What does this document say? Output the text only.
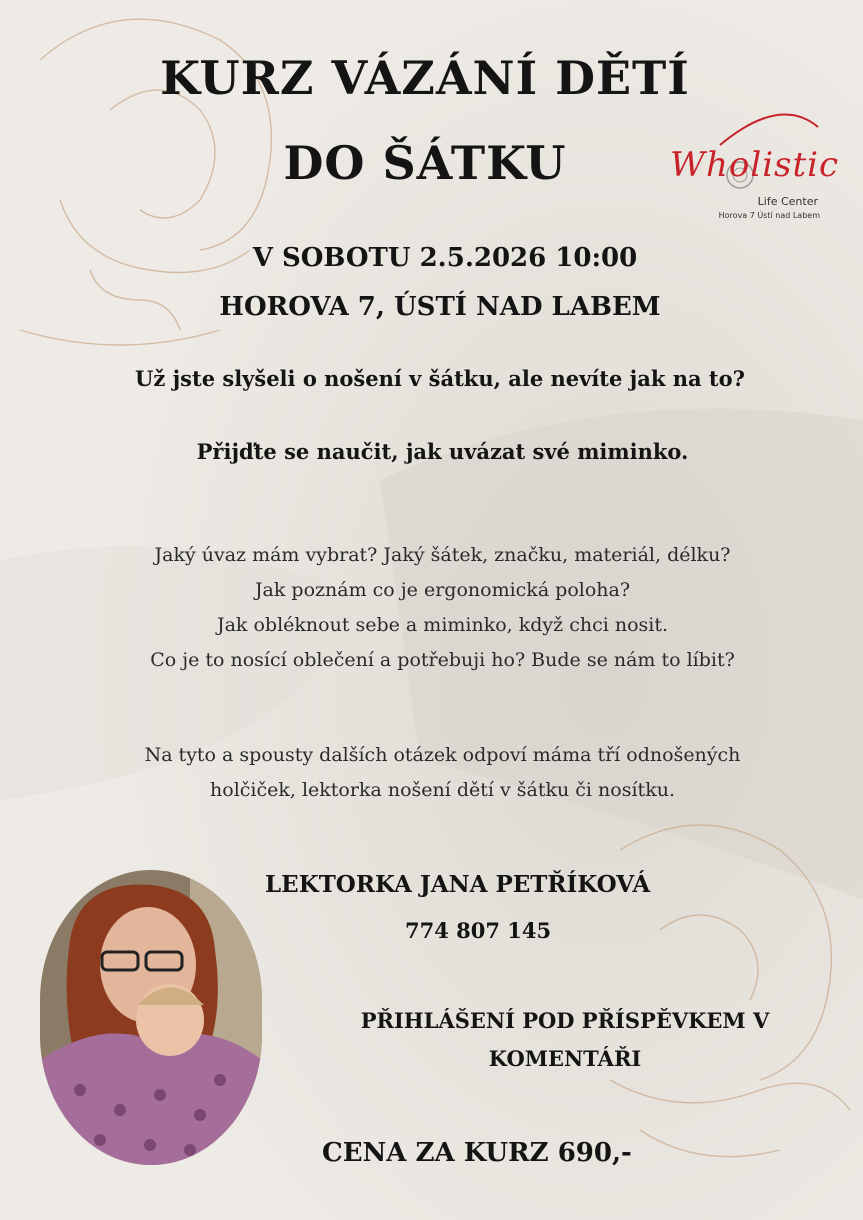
KURZ VÁZÁNÍ DĚTÍ
DO ŠÁTKU	Wholistic
Life Center
Horova 7 Ústí nad Labem
V SOBOTU 2.5.2026 10:00
HOROVA 7, ÚSTÍ NAD LABEM
Už jste slyšeli o nošení v šátku, ale nevíte jak na to?
Přijďte se naučit, jak uvázat své miminko.
Jaký úvaz mám vybrat? Jaký šátek, značku, materiál, délku?
Jak poznám co je ergonomická poloha?
Jak obléknout sebe a miminko, když chci nosit.
Co je to nosící oblečení a potřebuji ho? Bude se nám to líbit?
Na tyto a spousty dalších otázek odpoví máma tří odnošených
holčiček, lektorka nošení dětí v šátku či nosítku.
LEKTORKA JANA PETŘÍKOVÁ
774 807 145
PŘIHLÁŠENÍ POD PŘÍSPĚVKEM V
KOMENTÁŘI
CENA ZA KURZ 690,-
